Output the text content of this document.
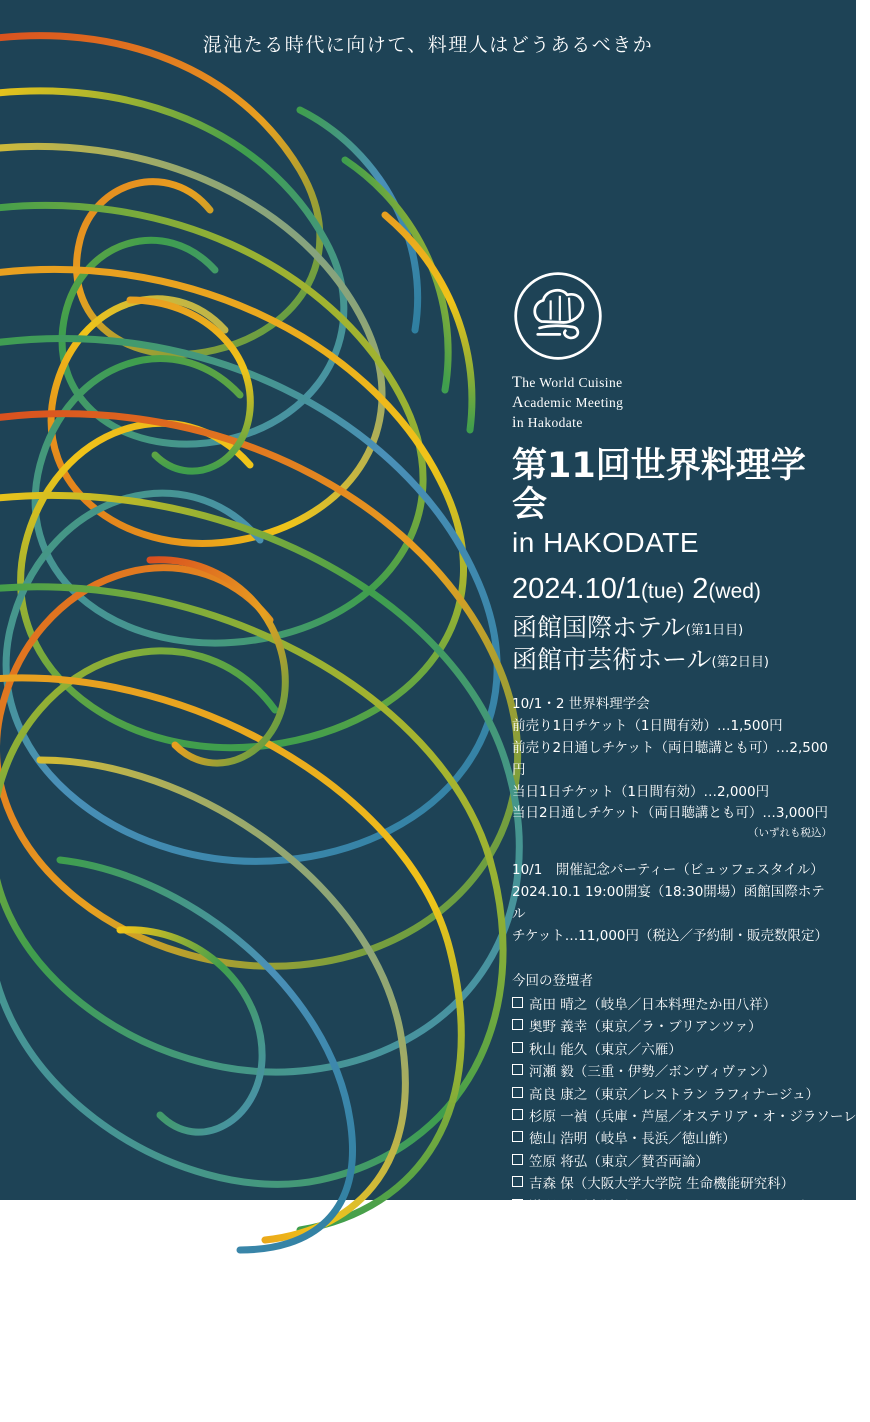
混沌たる時代に向けて、料理人はどうあるべきか
The World Cuisine
Academic Meeting
in Hakodate
第11回世界料理学会
in HAKODATE
2024.10/1(tue) 2(wed)
函館国際ホテル(第1日目)
函館市芸術ホール(第2日目)
10/1・2 世界料理学会
前売り1日チケット（1日間有効）…1,500円
前売り2日通しチケット（両日聴講とも可）…2,500円
当日1日チケット（1日間有効）…2,000円
当日2日通しチケット（両日聴講とも可）…3,000円
（いずれも税込）
10/1　開催記念パーティー（ビュッフェスタイル）
2024.10.1 19:00開宴（18:30開場）函館国際ホテル
チケット…11,000円（税込／予約制・販売数限定）
今回の登壇者
高田 晴之（岐阜／日本料理たか田八祥）
奥野 義幸（東京／ラ・ブリアンツァ）
秋山 能久（東京／六雁）
河瀬 毅（三重・伊勢／ボンヴィヴァン）
高良 康之（東京／レストラン ラフィナージュ）
杉原 一禎（兵庫・芦屋／オステリア・オ・ジラソーレ）
徳山 浩明（岐阜・長浜／徳山鮓）
笠原 将弘（東京／賛否両論）
吉森 保（大阪大学大学院 生命機能研究科）
道野 正（大阪／ミチノ・ル・トゥールビヨン）
木村 藍（千葉・いすみ／五氣里）
ビシ・イリサール（スペイン・サンセバスチャン）
辻口 博啓（東京／モンサンクレール）
齋藤 壽（滋賀・米原／レストランベルソー）
（順不同・一部変更する場合があります）
主催：世界料理学会 in HAKODATE実行委員会
http://www.ryori-hakodate.net
